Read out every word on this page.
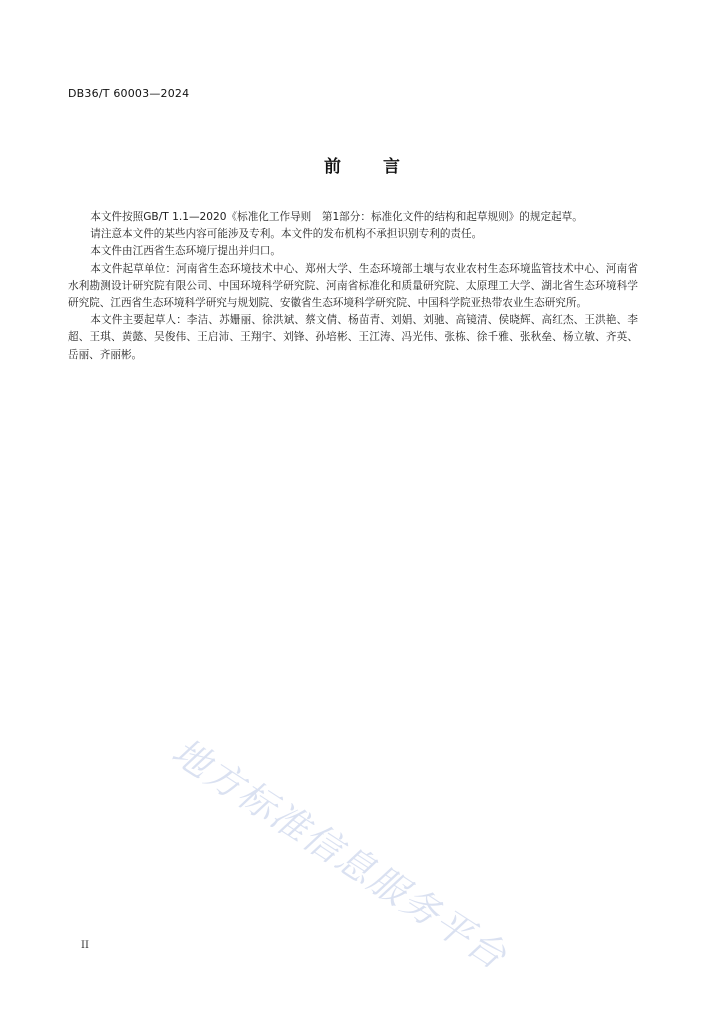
DB36/T 60003—2024
前 言

本文件按照GB/T 1.1—2020《标准化工作导则　第1部分：标准化文件的结构和起草规则》的规定起草。

请注意本文件的某些内容可能涉及专利。本文件的发布机构不承担识别专利的责任。

本文件由江西省生态环境厅提出并归口。

本文件起草单位：河南省生态环境技术中心、郑州大学、生态环境部土壤与农业农村生态环境监管技术中心、河南省水利勘测设计研究院有限公司、中国环境科学研究院、河南省标准化和质量研究院、太原理工大学、湖北省生态环境科学研究院、江西省生态环境科学研究与规划院、安徽省生态环境科学研究院、中国科学院亚热带农业生态研究所。

本文件主要起草人：李洁、苏姗丽、徐洪斌、蔡文倩、杨苗青、刘娟、刘驰、高镜清、侯晓辉、高红杰、王洪艳、李超、王琪、黄懿、吴俊伟、王启沛、王翔宇、刘锋、孙培彬、王江涛、冯光伟、张栋、徐千雅、张秋垒、杨立敏、齐英、岳丽、齐丽彬。

地方标准信息服务平台
II
